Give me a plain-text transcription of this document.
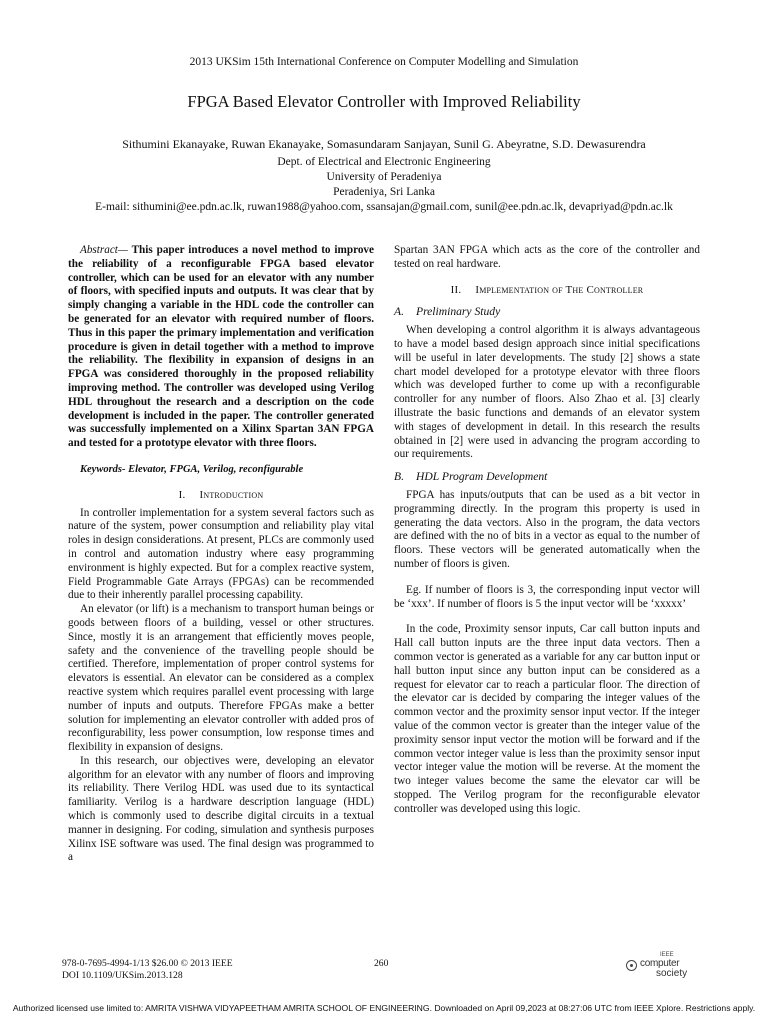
2013 UKSim 15th International Conference on Computer Modelling and Simulation
FPGA Based Elevator Controller with Improved Reliability
Sithumini Ekanayake, Ruwan Ekanayake, Somasundaram Sanjayan, Sunil G. Abeyratne, S.D. Dewasurendra
Dept. of Electrical and Electronic Engineering
University of Peradeniya
Peradeniya, Sri Lanka
E-mail: sithumini@ee.pdn.ac.lk, ruwan1988@yahoo.com, ssansajan@gmail.com, sunil@ee.pdn.ac.lk, devapriyad@pdn.ac.lk

Abstract— This paper introduces a novel method to improve the reliability of a reconfigurable FPGA based elevator controller, which can be used for an elevator with any number of floors, with specified inputs and outputs. It was clear that by simply changing a variable in the HDL code the controller can be generated for an elevator with required number of floors. Thus in this paper the primary implementation and verification procedure is given in detail together with a method to improve the reliability. The flexibility in expansion of designs in an FPGA was considered thoroughly in the proposed reliability improving method. The controller was developed using Verilog HDL throughout the research and a description on the code development is included in the paper. The controller generated was successfully implemented on a Xilinx Spartan 3AN FPGA and tested for a prototype elevator with three floors.

Keywords- Elevator, FPGA, Verilog, reconfigurable

I. Introduction

In controller implementation for a system several factors such as nature of the system, power consumption and reliability play vital roles in design considerations. At present, PLCs are commonly used in control and automation industry where easy programming environment is highly expected. But for a complex reactive system, Field Programmable Gate Arrays (FPGAs) can be recommended due to their inherently parallel processing capability.

An elevator (or lift) is a mechanism to transport human beings or goods between floors of a building, vessel or other structures. Since, mostly it is an arrangement that efficiently moves people, safety and the convenience of the travelling people should be certified. Therefore, implementation of proper control systems for elevators is essential. An elevator can be considered as a complex reactive system which requires parallel event processing with large number of inputs and outputs. Therefore FPGAs make a better solution for implementing an elevator controller with added pros of reconfigurability, less power consumption, low response times and flexibility in expansion of designs.

In this research, our objectives were, developing an elevator algorithm for an elevator with any number of floors and improving its reliability. There Verilog HDL was used due to its syntactical familiarity. Verilog is a hardware description language (HDL) which is commonly used to describe digital circuits in a textual manner in designing. For coding, simulation and synthesis purposes Xilinx ISE software was used. The final design was programmed to a

Spartan 3AN FPGA which acts as the core of the controller and tested on real hardware.

II. Implementation of The Controller
A. Preliminary Study

When developing a control algorithm it is always advantageous to have a model based design approach since initial specifications will be useful in later developments. The study [2] shows a state chart model developed for a prototype elevator with three floors which was developed further to come up with a reconfigurable controller for any number of floors. Also Zhao et al. [3] clearly illustrate the basic functions and demands of an elevator system with stages of development in detail. In this research the results obtained in [2] were used in advancing the program according to our requirements.

B. HDL Program Development

FPGA has inputs/outputs that can be used as a bit vector in programming directly. In the program this property is used in generating the data vectors. Also in the program, the data vectors are defined with the no of bits in a vector as equal to the number of floors. These vectors will be generated automatically when the number of floors is given.

Eg. If number of floors is 3, the corresponding input vector will be ‘xxx’. If number of floors is 5 the input vector will be ‘xxxxx’

In the code, Proximity sensor inputs, Car call button inputs and Hall call button inputs are the three input data vectors. Then a common vector is generated as a variable for any car button input or hall button input since any button input can be considered as a request for elevator car to reach a particular floor. The direction of the elevator car is decided by comparing the integer values of the common vector and the proximity sensor input vector. If the integer value of the common vector is greater than the integer value of the proximity sensor input vector the motion will be forward and if the common vector integer value is less than the proximity sensor input vector integer value the motion will be reverse. At the moment the two integer values become the same the elevator car will be stopped. The Verilog program for the reconfigurable elevator controller was developed using this logic.

978-0-7695-4994-1/13 $26.00 © 2013 IEEE
DOI 10.1109/UKSim.2013.128
260
IEEE
computer
society
Authorized licensed use limited to: AMRITA VISHWA VIDYAPEETHAM AMRITA SCHOOL OF ENGINEERING. Downloaded on April 09,2023 at 08:27:06 UTC from IEEE Xplore. Restrictions apply.
